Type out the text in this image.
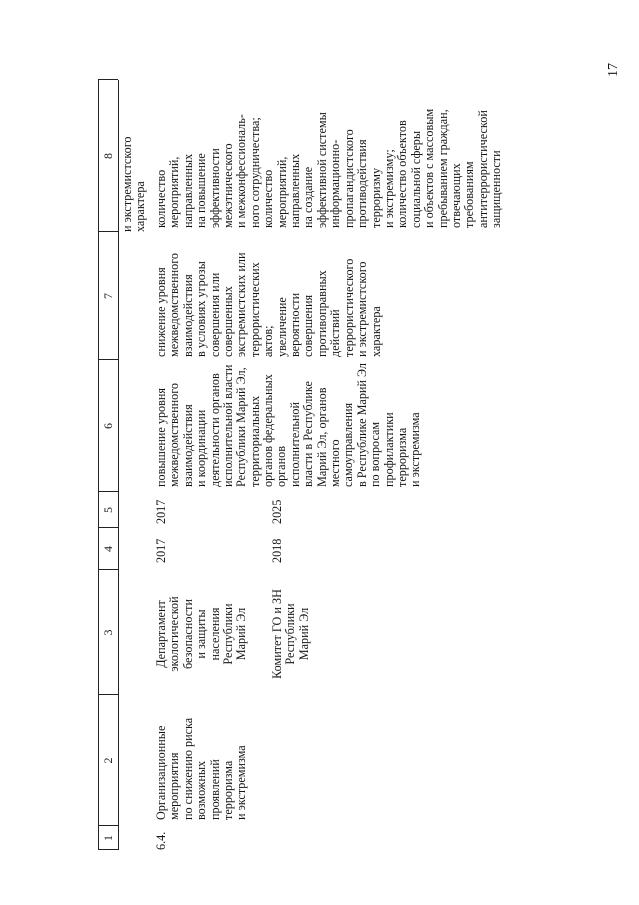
17
1
2
3
4
5
6
7
8
и экстремистского
характера
6.4.
Организационные
мероприятия
по снижению риска
возможных
проявлений
терроризма
и экстремизма
Департамент
экологической
безопасности
и защиты
населения
Республики
Марий Эл
2017
2017
Комитет ГО и ЗН
Республики
Марий Эл
2018
2025
повышение уровня
межведомственного
взаимодействия
и координации
деятельности органов
исполнительной власти
Республики Марий Эл,
территориальных органов федеральных
органов исполнительной
власти в Республике
Марий Эл, органов
местного
самоуправления
в Республике Марий Эл
по вопросам
профилактики
терроризма
и экстремизма
снижение уровня
межведомственного
взаимодействия
в условиях угрозы
совершения или
совершенных
экстремистских или
террористических
актов;
увеличение
вероятности
совершения
противоправных
действий
террористического
и экстремистского
характера
количество
мероприятий,
направленных
на повышение
эффективности
межэтнического
и межконфессиональ-
ного сотрудничества;
количество
мероприятий,
направленных
на создание
эффективной системы
информационно-
пропагандистского
противодействия
терроризму
и экстремизму;
количество объектов
социальной сферы
и объектов с массовым
пребыванием граждан,
отвечающих
требованиям
антитеррористической
защищенности
